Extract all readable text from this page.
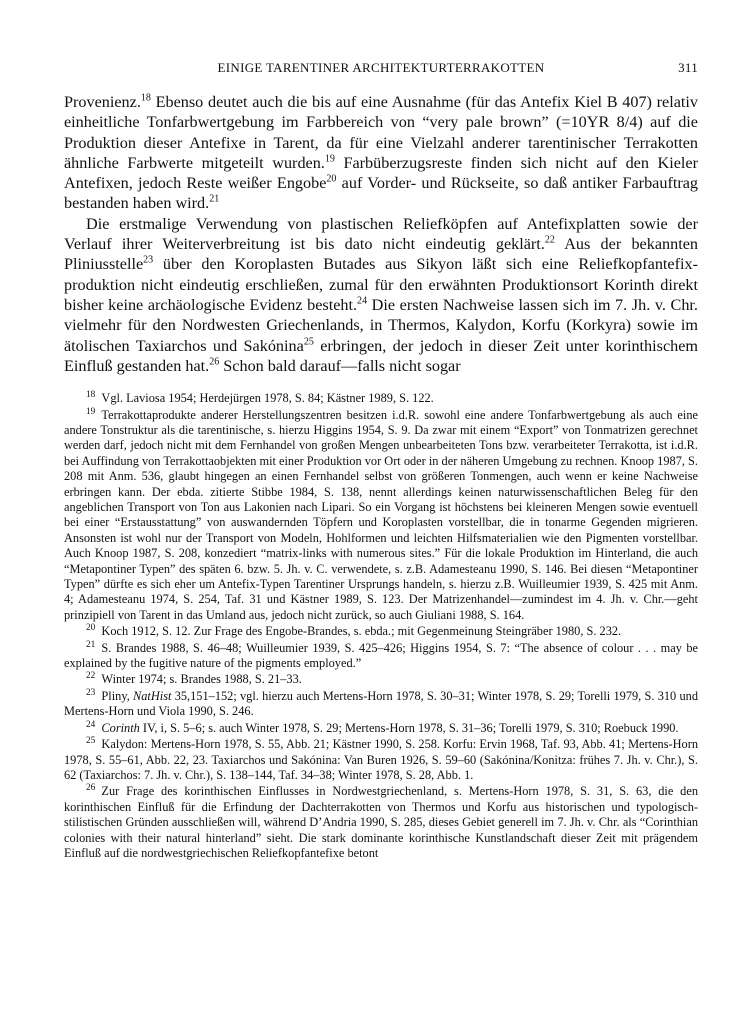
EINIGE TARENTINER ARCHITEKTURTERRAKOTTEN	311

Provenienz.$^{18}$ Ebenso deutet auch die bis auf eine Ausnahme (für das Antefix Kiel B 407) relativ einheitliche Tonfarbwertgebung im Farbbereich von “very pale brown” (=10YR 8/4) auf die Produktion dieser Antefixe in Tarent, da für eine Vielzahl anderer tarentinischer Terrakotten ähnliche Farbwerte mitgeteilt wurden.$^{19}$ Farbüberzugsreste finden sich nicht auf den Kieler Antefixen, jedoch Reste weißer Engobe$^{20}$ auf Vorder- und Rückseite, so daß antiker Farbauftrag bestanden haben wird.$^{21}$

Die erstmalige Verwendung von plastischen Reliefköpfen auf Antefixplatten sowie der Verlauf ihrer Weiterverbreitung ist bis dato nicht eindeutig geklärt.$^{22}$ Aus der bekannten Pliniusstelle$^{23}$ über den Koroplasten Butades aus Sikyon läßt sich eine Reliefkopfantefixproduktion nicht eindeutig erschließen, zumal für den erwähnten Produktionsort Korinth direkt bisher keine archäologische Evidenz besteht.$^{24}$ Die ersten Nachweise lassen sich im 7. Jh. v. Chr. vielmehr für den Nordwesten Griechenlands, in Thermos, Kalydon, Korfu (Korkyra) sowie im ätolischen Taxiarchos und Sakónina$^{25}$ erbringen, der jedoch in dieser Zeit unter korinthischem Einfluß gestanden hat.$^{26}$ Schon bald darauf—falls nicht sogar

$^{18}$  Vgl. Laviosa 1954; Herdejürgen 1978, S. 84; Kästner 1989, S. 122.

$^{19}$  Terrakottaprodukte anderer Herstellungszentren besitzen i.d.R. sowohl eine andere Tonfarbwertgebung als auch eine andere Tonstruktur als die tarentinische, s. hierzu Higgins 1954, S. 9. Da zwar mit einem “Export” von Tonmatrizen gerechnet werden darf, jedoch nicht mit dem Fernhandel von großen Mengen unbearbeiteten Tons bzw. verarbeiteter Terrakotta, ist i.d.R. bei Auffindung von Terrakottaobjekten mit einer Produktion vor Ort oder in der näheren Umgebung zu rechnen. Knoop 1987, S. 208 mit Anm. 536, glaubt hingegen an einen Fernhandel selbst von größeren Tonmengen, auch wenn er keine Nachweise erbringen kann. Der ebda. zitierte Stibbe 1984, S. 138, nennt allerdings keinen naturwissenschaftlichen Beleg für den angeblichen Transport von Ton aus Lakonien nach Lipari. So ein Vorgang ist höchstens bei kleineren Mengen sowie eventuell bei einer “Erstausstattung” von auswandernden Töpfern und Koroplasten vorstellbar, die in tonarme Gegenden migrieren. Ansonsten ist wohl nur der Transport von Modeln, Hohlformen und leichten Hilfsmaterialien wie den Pigmenten vorstellbar. Auch Knoop 1987, S. 208, konzediert “matrix-links with numerous sites.” Für die lokale Produktion im Hinterland, die auch “Metapontiner Typen” des späten 6. bzw. 5. Jh. v. C. verwendete, s. z.B. Adamesteanu 1990, S. 146. Bei diesen “Metapontiner Typen” dürfte es sich eher um Antefix-Typen Tarentiner Ursprungs handeln, s. hierzu z.B. Wuilleumier 1939, S. 425 mit Anm. 4; Adamesteanu 1974, S. 254, Taf. 31 und Kästner 1989, S. 123. Der Matrizenhandel—zumindest im 4. Jh. v. Chr.—geht prinzipiell von Tarent in das Umland aus, jedoch nicht zurück, so auch Giuliani 1988, S. 164.

$^{20}$  Koch 1912, S. 12. Zur Frage des Engobe-Brandes, s. ebda.; mit Gegenmeinung Steingräber 1980, S. 232.

$^{21}$  S. Brandes 1988, S. 46–48; Wuilleumier 1939, S. 425–426; Higgins 1954, S. 7: “The absence of colour . . . may be explained by the fugitive nature of the pigments employed.”

$^{22}$  Winter 1974; s. Brandes 1988, S. 21–33.

$^{23}$  Pliny, NatHist 35,151–152; vgl. hierzu auch Mertens-Horn 1978, S. 30–31; Winter 1978, S. 29; Torelli 1979, S. 310 und Mertens-Horn und Viola 1990, S. 246.

$^{24}$  Corinth IV, i, S. 5–6; s. auch Winter 1978, S. 29; Mertens-Horn 1978, S. 31–36; Torelli 1979, S. 310; Roebuck 1990.

$^{25}$  Kalydon: Mertens-Horn 1978, S. 55, Abb. 21; Kästner 1990, S. 258. Korfu: Ervin 1968, Taf. 93, Abb. 41; Mertens-Horn 1978, S. 55–61, Abb. 22, 23. Taxiarchos und Sakónina: Van Buren 1926, S. 59–60 (Sakónina/Konitza: frühes 7. Jh. v. Chr.), S. 62 (Taxiarchos: 7. Jh. v. Chr.), S. 138–144, Taf. 34–38; Winter 1978, S. 28, Abb. 1.

$^{26}$  Zur Frage des korinthischen Einflusses in Nordwestgriechenland, s. Mertens-Horn 1978, S. 31, S. 63, die den korinthischen Einfluß für die Erfindung der Dachterrakotten von Thermos und Korfu aus historischen und typologisch-stilistischen Gründen ausschließen will, während D’Andria 1990, S. 285, dieses Gebiet generell im 7. Jh. v. Chr. als “Corinthian colonies with their natural hinterland” sieht. Die stark dominante korinthische Kunstlandschaft dieser Zeit mit prägendem Einfluß auf die nordwestgriechischen Reliefkopfantefixe betont
